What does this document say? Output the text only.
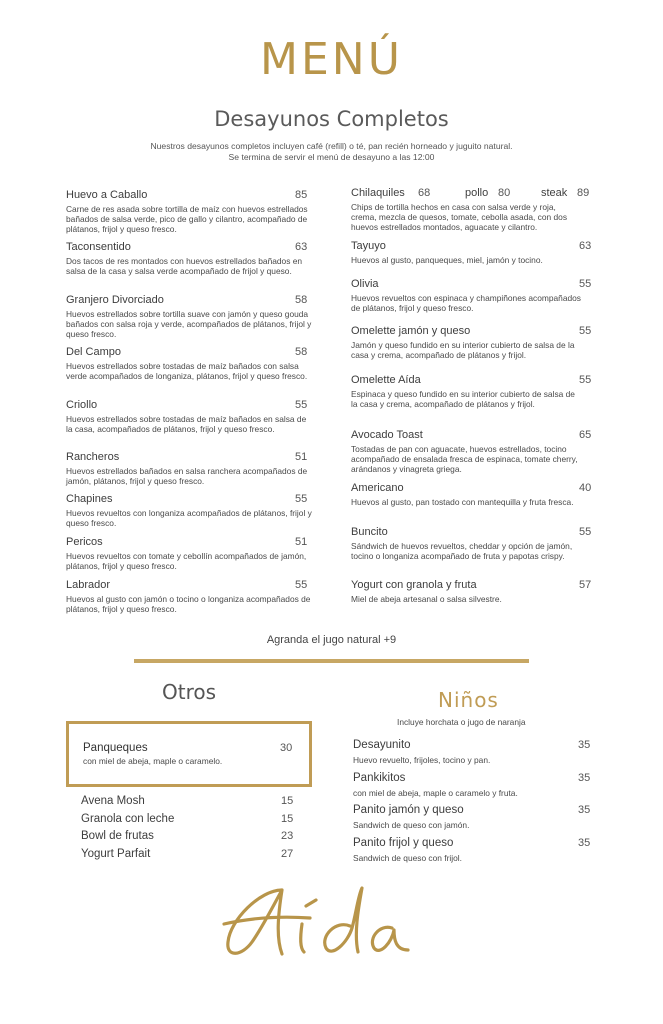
MENÚ
Desayunos Completos
Nuestros desayunos completos incluyen café (refill) o té, pan recién horneado y juguito natural.
Se termina de servir el menú de desayuno a las 12:00
Huevo a Caballo	85
Carne de res asada sobre tortilla de maíz con huevos estrellados bañados de salsa verde, pico de gallo y cilantro, acompañado de plátanos, frijol y queso fresco.
Taconsentido	63
Dos tacos de res montados con huevos estrellados bañados en salsa de la casa y salsa verde acompañado de frijol y queso.
Granjero Divorciado	58
Huevos estrellados sobre tortilla suave con jamón y queso gouda bañados con salsa roja y verde, acompañados de plátanos, frijol y queso fresco.
Del Campo	58
Huevos estrellados sobre tostadas de maíz bañados con salsa verde acompañados de longaniza, plátanos, frijol y queso fresco.
Criollo	55
Huevos estrellados sobre tostadas de maíz bañados en salsa de la casa, acompañados de plátanos, frijol y queso fresco.
Rancheros	51
Huevos estrellados bañados en salsa ranchera acompañados de jamón, plátanos, frijol y queso fresco.
Chapines	55
Huevos revueltos con longaniza acompañados de plátanos, frijol y queso fresco.
Pericos	51
Huevos revueltos con tomate y cebollín acompañados de jamón, plátanos, frijol y queso fresco.
Labrador	55
Huevos al gusto con jamón o tocino o longaniza acompañados de plátanos, frijol y queso fresco.
Chilaquiles 68	pollo 80	steak 89
Chips de tortilla hechos en casa con salsa verde y roja, crema, mezcla de quesos, tomate, cebolla asada, con dos huevos estrellados montados, aguacate y cilantro.
Tayuyo	63
Huevos al gusto, panqueques, miel, jamón y tocino.
Olivia	55
Huevos revueltos con espinaca y champiñones acompañados de plátanos, frijol y queso fresco.
Omelette jamón y queso	55
Jamón y queso fundido en su interior cubierto de salsa de la casa y crema, acompañado de plátanos y frijol.
Omelette Aída	55
Espinaca y queso fundido en su interior cubierto de salsa de la casa y crema, acompañado de plátanos y frijol.
Avocado Toast	65
Tostadas de pan con aguacate, huevos estrellados, tocino acompañado de ensalada fresca de espinaca, tomate cherry, arándanos y vinagreta griega.
Americano	40
Huevos al gusto, pan tostado con mantequilla y fruta fresca.
Buncito	55
Sándwich de huevos revueltos, cheddar y opción de jamón, tocino o longaniza acompañado de fruta y papotas crispy.
Yogurt con granola y fruta	57
Miel de abeja artesanal o salsa silvestre.
Agranda el jugo natural +9
Otros
Panqueques	30
con miel de abeja, maple o caramelo.
Avena Mosh	15
Granola con leche	15
Bowl de frutas	23
Yogurt Parfait	27
Niños
Incluye horchata o jugo de naranja
Desayunito	35
Huevo revuelto, frijoles, tocino y pan.
Pankikitos	35
con miel de abeja, maple o caramelo y fruta.
Panito jamón y queso	35
Sandwich de queso con jamón.
Panito frijol y queso	35
Sandwich de queso con frijol.
